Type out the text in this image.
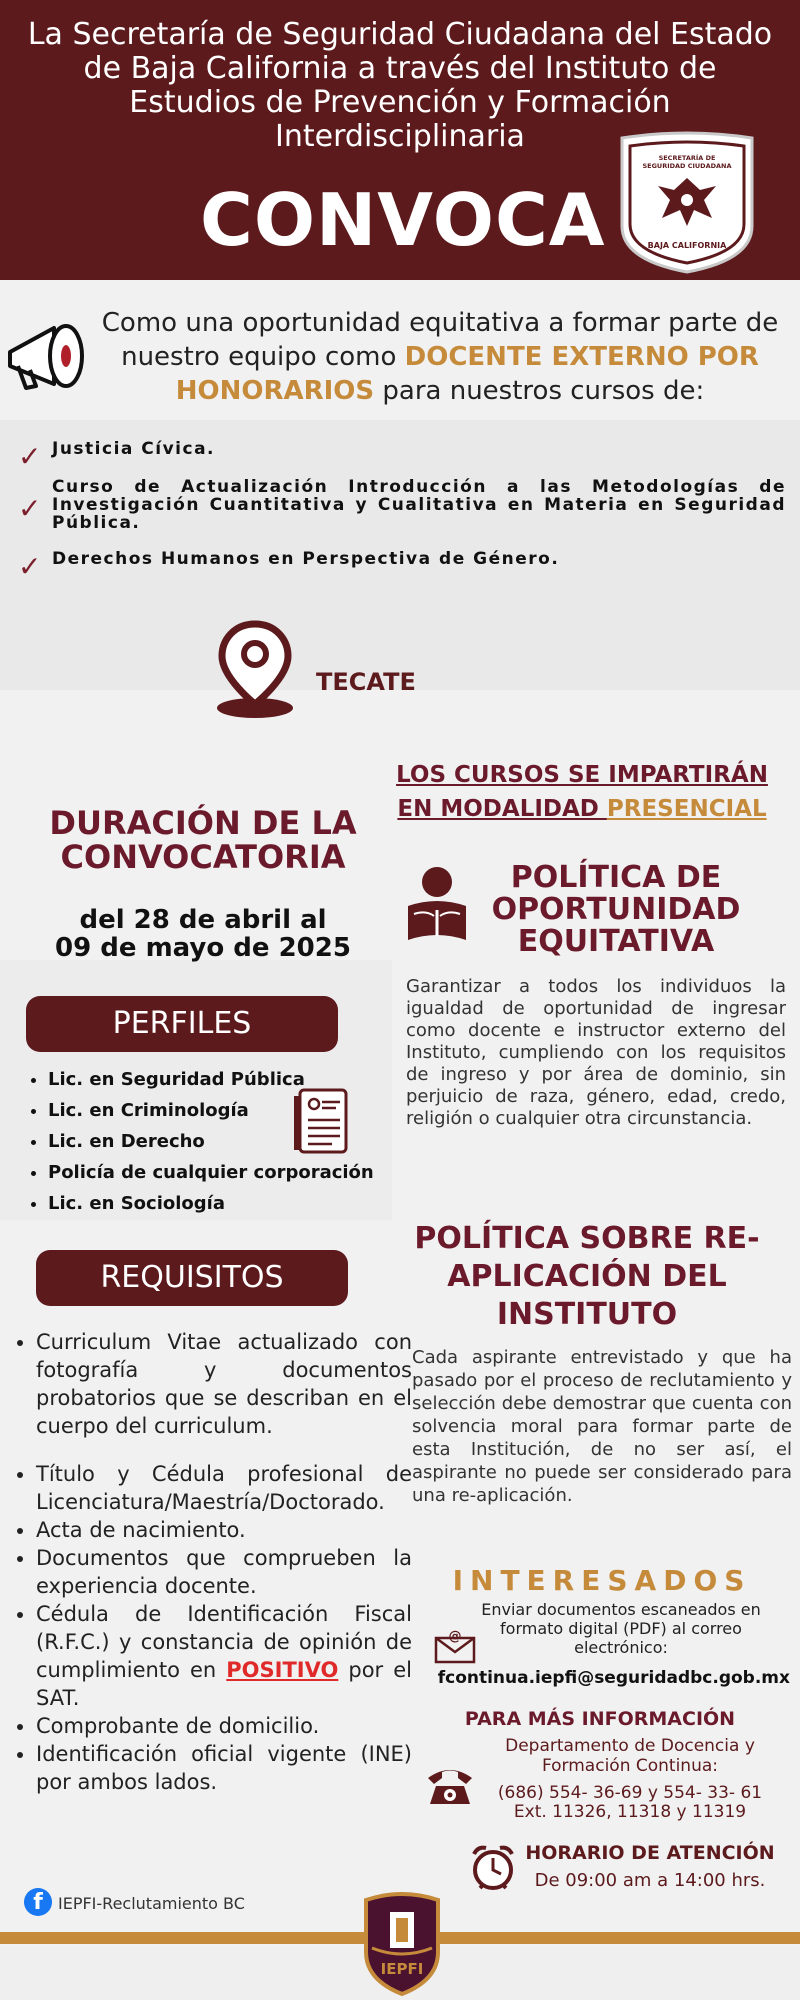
La Secretaría de Seguridad Ciudadana del Estado
de Baja California a través del Instituto de
Estudios de Prevención y Formación
Interdisciplinaria
CONVOCA
SECRETARÍA DE
SEGURIDAD CIUDADANA
BAJA CALIFORNIA
Como una oportunidad equitativa a formar parte de nuestro equipo como DOCENTE EXTERNO POR HONORARIOS para nuestros cursos de:
✓ Justicia Cívica.
✓
Curso de Actualización Introducción a las Metodologías de Investigación Cuantitativa y Cualitativa en Materia en Seguridad Pública.
✓ Derechos Humanos en Perspectiva de Género.
TECATE
LOS CURSOS SE IMPARTIRÁN
EN MODALIDAD PRESENCIAL
DURACIÓN DE LA CONVOCATORIA
del 28 de abril al
09 de mayo de 2025
POLÍTICA DE OPORTUNIDAD EQUITATIVA
Garantizar a todos los individuos la igualdad de oportunidad de ingresar como docente e instructor externo del Instituto, cumpliendo con los requisitos de ingreso y por área de dominio, sin perjuicio de raza, género, edad, credo, religión o cualquier otra circunstancia.
PERFILES
• Lic. en Seguridad Pública
• Lic. en Criminología
• Lic. en Derecho
• Policía de cualquier corporación
• Lic. en Sociología
REQUISITOS
• Curriculum Vitae actualizado con fotografía y documentos probatorios que se describan en el cuerpo del curriculum.
• Título y Cédula profesional de Licenciatura/Maestría/Doctorado.
• Acta de nacimiento.
• Documentos que comprueben la experiencia docente.
• Cédula de Identificación Fiscal (R.F.C.) y constancia de opinión de cumplimiento en POSITIVO por el SAT.
• Comprobante de domicilio.
• Identificación oficial vigente (INE) por ambos lados.
POLÍTICA SOBRE RE-APLICACIÓN DEL INSTITUTO
Cada aspirante entrevistado y que ha pasado por el proceso de reclutamiento y selección debe demostrar que cuenta con solvencia moral para formar parte de esta Institución, de no ser así, el aspirante no puede ser considerado para una re-aplicación.
INTERESADOS
Enviar documentos escaneados en formato digital (PDF) al correo electrónico:
@
fcontinua.iepfi@seguridadbc.gob.mx
PARA MÁS INFORMACIÓN
Departamento de Docencia y Formación Continua:
(686) 554- 36-69 y 554- 33- 61
Ext. 11326, 11318 y 11319
HORARIO DE ATENCIÓN
De 09:00 am a 14:00 hrs.
f IEPFI-Reclutamiento BC
IEPFI
